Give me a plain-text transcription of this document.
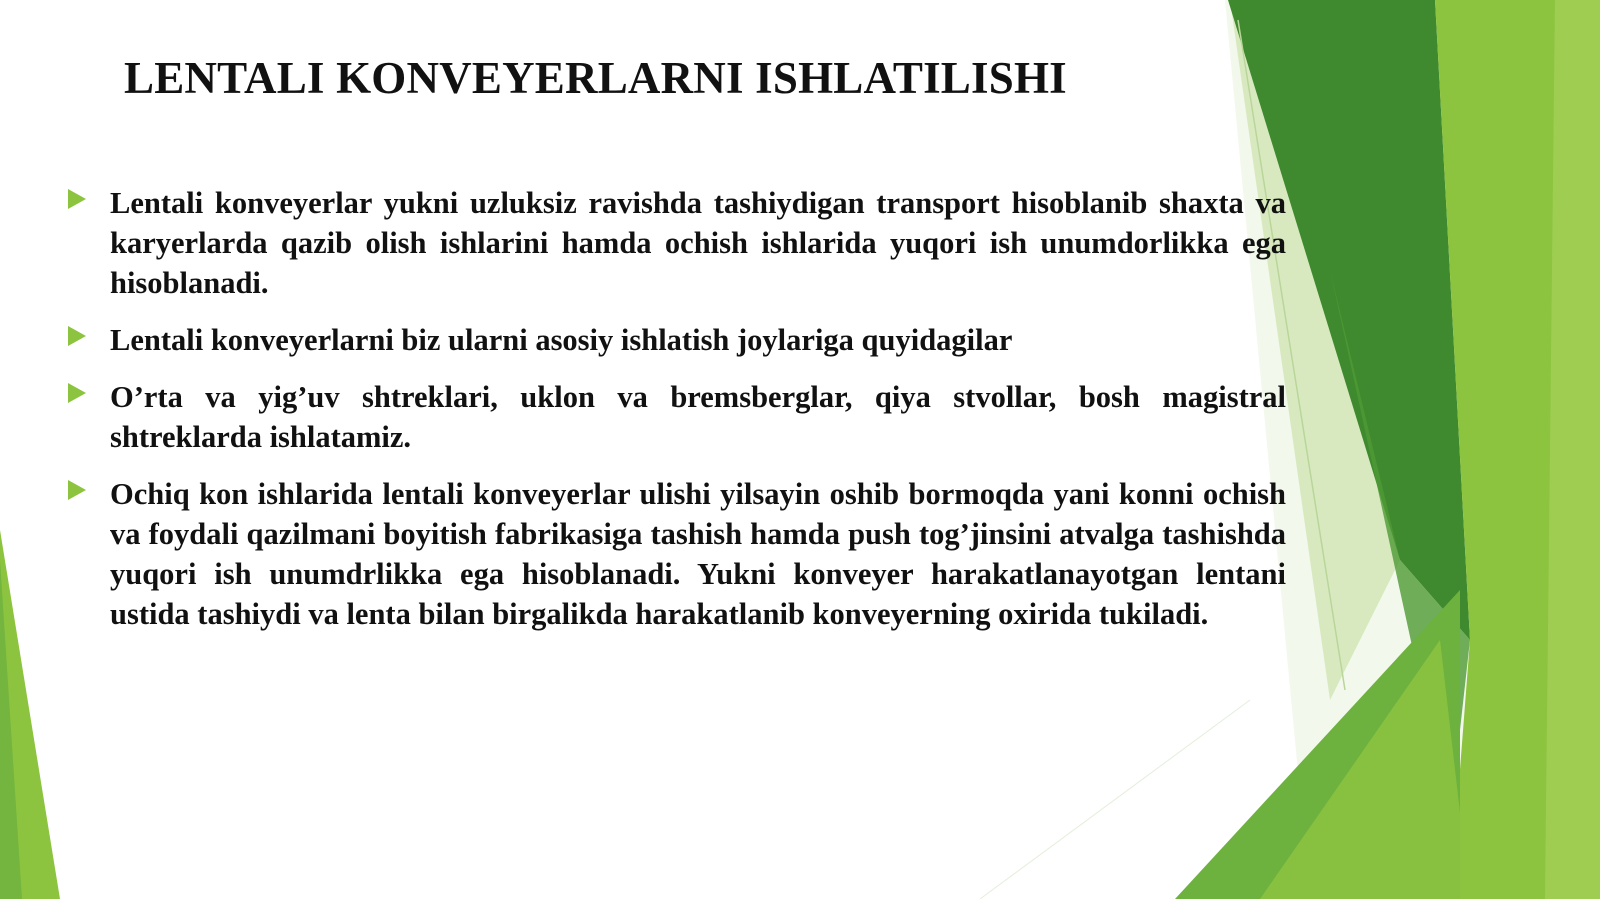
LENTALI KONVEYERLARNI ISHLATILISHI
Lentali konveyerlar yukni uzluksiz ravishda tashiydigan transport hisoblanib shaxta va karyerlarda qazib olish ishlarini hamda ochish ishlarida yuqori ish unumdorlikka ega hisoblanadi.
Lentali konveyerlarni biz ularni asosiy ishlatish joylariga quyidagilar
O’rta va yig’uv shtreklari, uklon va bremsberglar, qiya stvollar, bosh magistral shtreklarda ishlatamiz.
Ochiq kon ishlarida lentali konveyerlar ulishi yilsayin oshib bormoqda yani konni ochish va foydali qazilmani boyitish fabrikasiga tashish hamda push tog’jinsini atvalga tashishda yuqori ish unumdrlikka ega hisoblanadi. Yukni konveyer harakatlanayotgan lentani ustida tashiydi va lenta bilan birgalikda harakatlanib konveyerning oxirida tukiladi.
